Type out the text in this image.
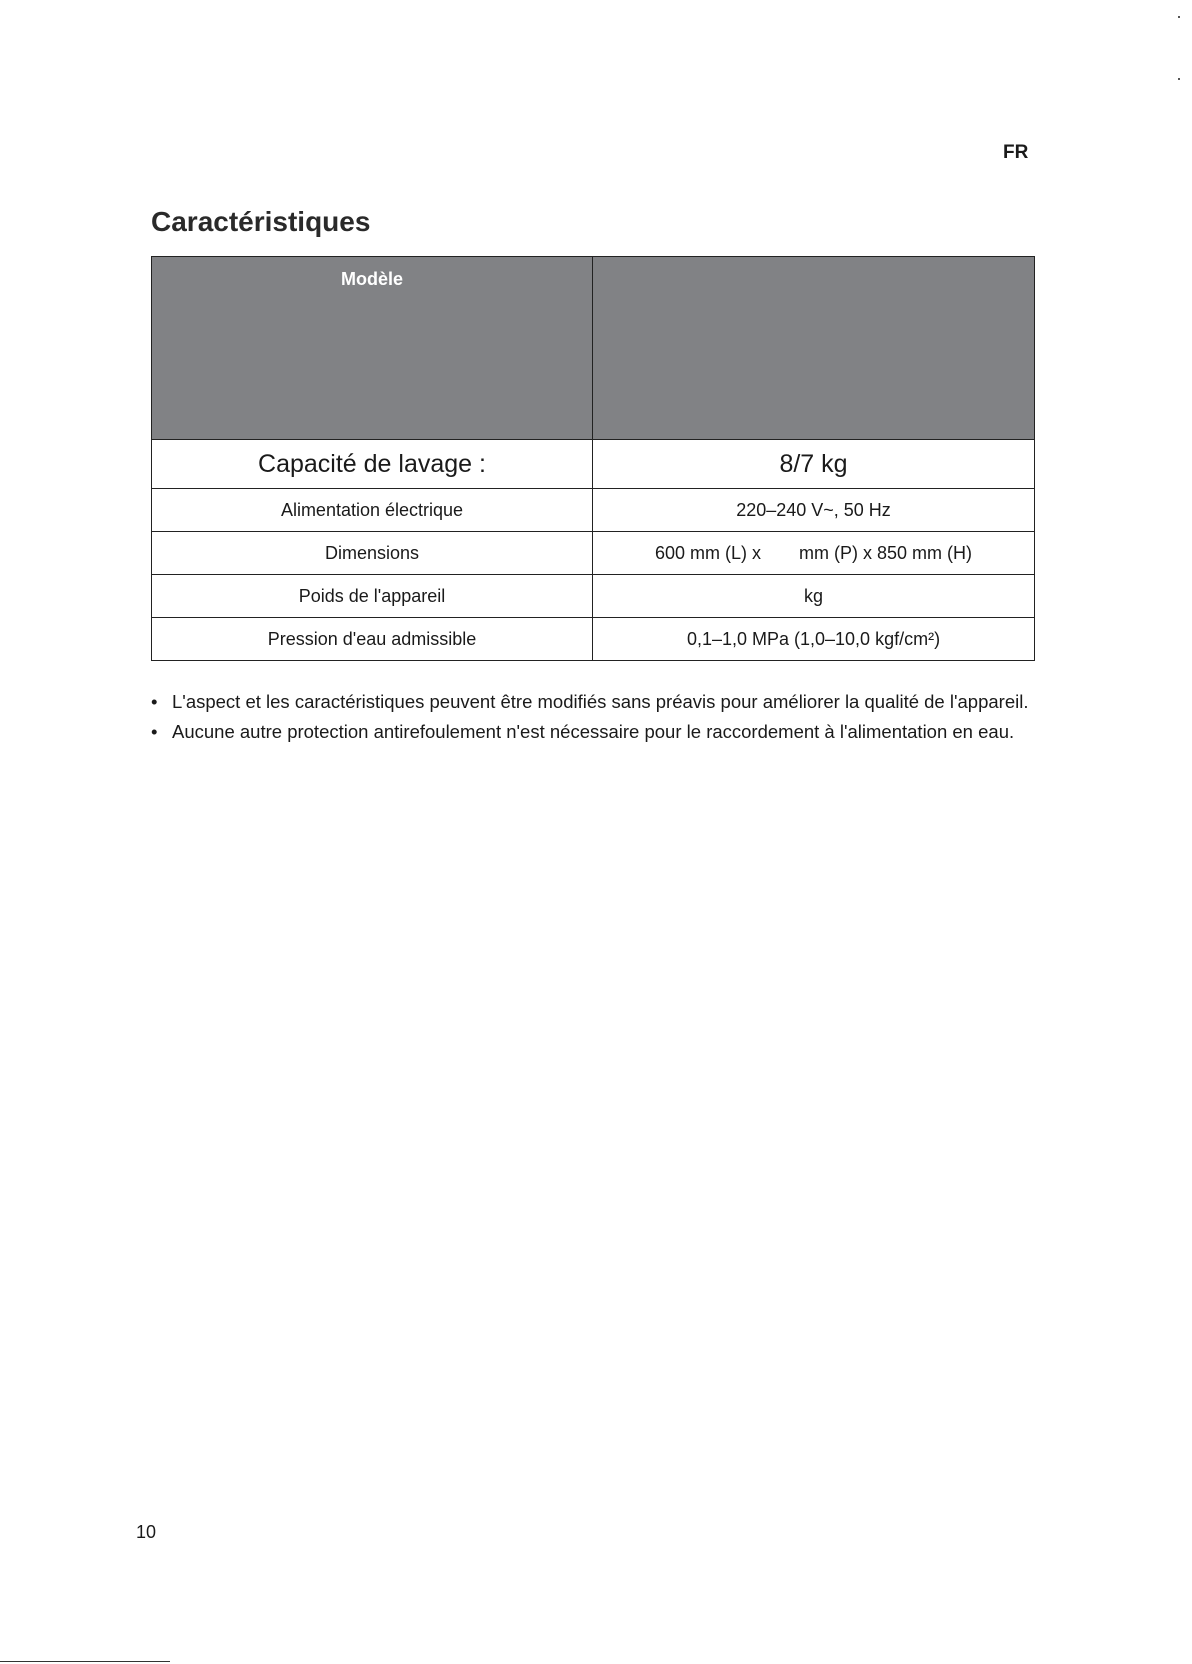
FR
Caractéristiques
Modèle	

Capacité de lavage :	8/7 kg
Alimentation électrique	220–240 V~, 50 Hz
Dimensions	600 mm (L) x mm (P) x 850 mm (H)
Poids de l'appareil	kg
Pression d'eau admissible	0,1–1,0 MPa (1,0–10,0 kgf/cm²)
• L'aspect et les caractéristiques peuvent être modifiés sans préavis pour améliorer la qualité de l'appareil.
• Aucune autre protection antirefoulement n'est nécessaire pour le raccordement à l'alimentation en eau.
10
